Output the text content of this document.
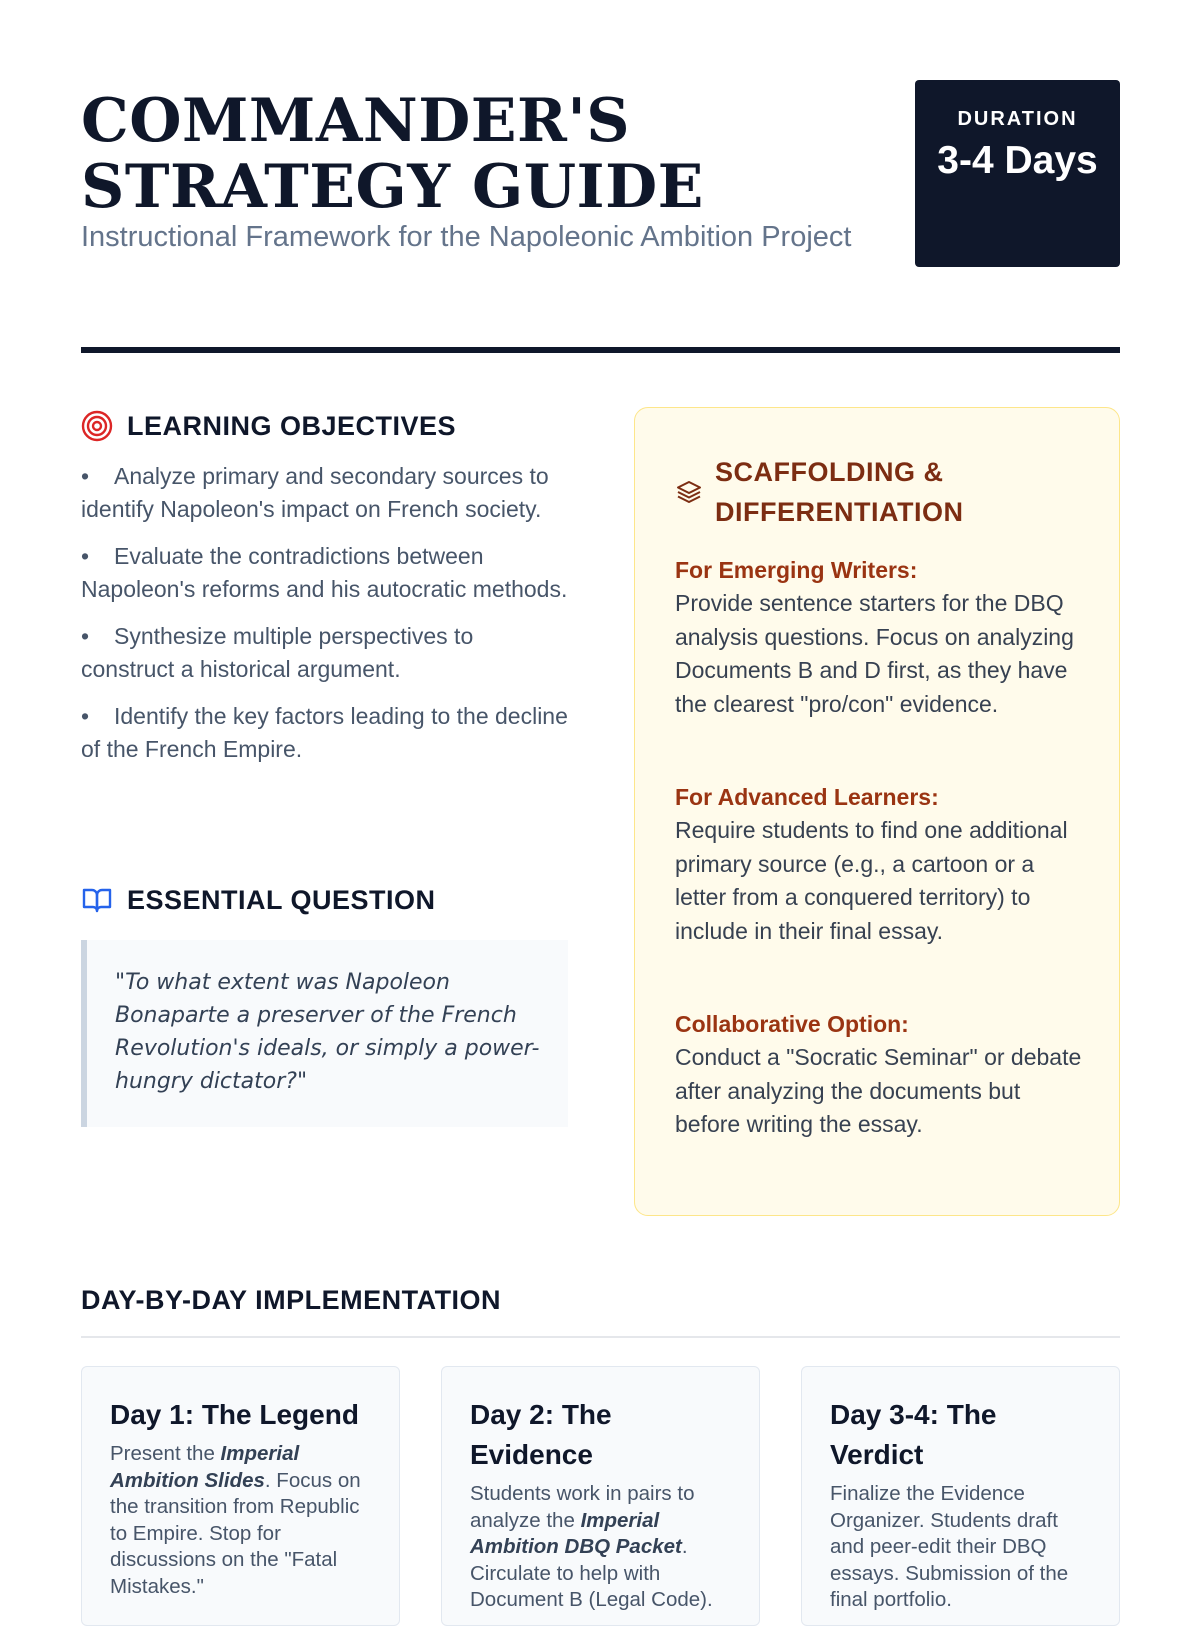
COMMANDER'S STRATEGY GUIDE

Instructional Framework for the Napoleonic Ambition Project

DURATION
3-4 Days
LEARNING OBJECTIVES
• Analyze primary and secondary sources to identify Napoleon's impact on French society.
• Evaluate the contradictions between Napoleon's reforms and his autocratic methods.
• Synthesize multiple perspectives to construct a historical argument.
• Identify the key factors leading to the decline of the French Empire.
ESSENTIAL QUESTION
"To what extent was Napoleon Bonaparte a preserver of the French Revolution's ideals, or simply a power-hungry dictator?"
SCAFFOLDING & DIFFERENTIATION
For Emerging Writers:
Provide sentence starters for the DBQ analysis questions. Focus on analyzing Documents B and D first, as they have the clearest "pro/con" evidence.
For Advanced Learners:
Require students to find one additional primary source (e.g., a cartoon or a letter from a conquered territory) to include in their final essay.
Collaborative Option:
Conduct a "Socratic Seminar" or debate after analyzing the documents but before writing the essay.
DAY-BY-DAY IMPLEMENTATION
Day 1: The Legend
Present the Imperial Ambition Slides. Focus on the transition from Republic to Empire. Stop for discussions on the "Fatal Mistakes."
Day 2: The Evidence
Students work in pairs to analyze the Imperial Ambition DBQ Packet. Circulate to help with Document B (Legal Code).
Day 3-4: The Verdict
Finalize the Evidence Organizer. Students draft and peer-edit their DBQ essays. Submission of the final portfolio.
